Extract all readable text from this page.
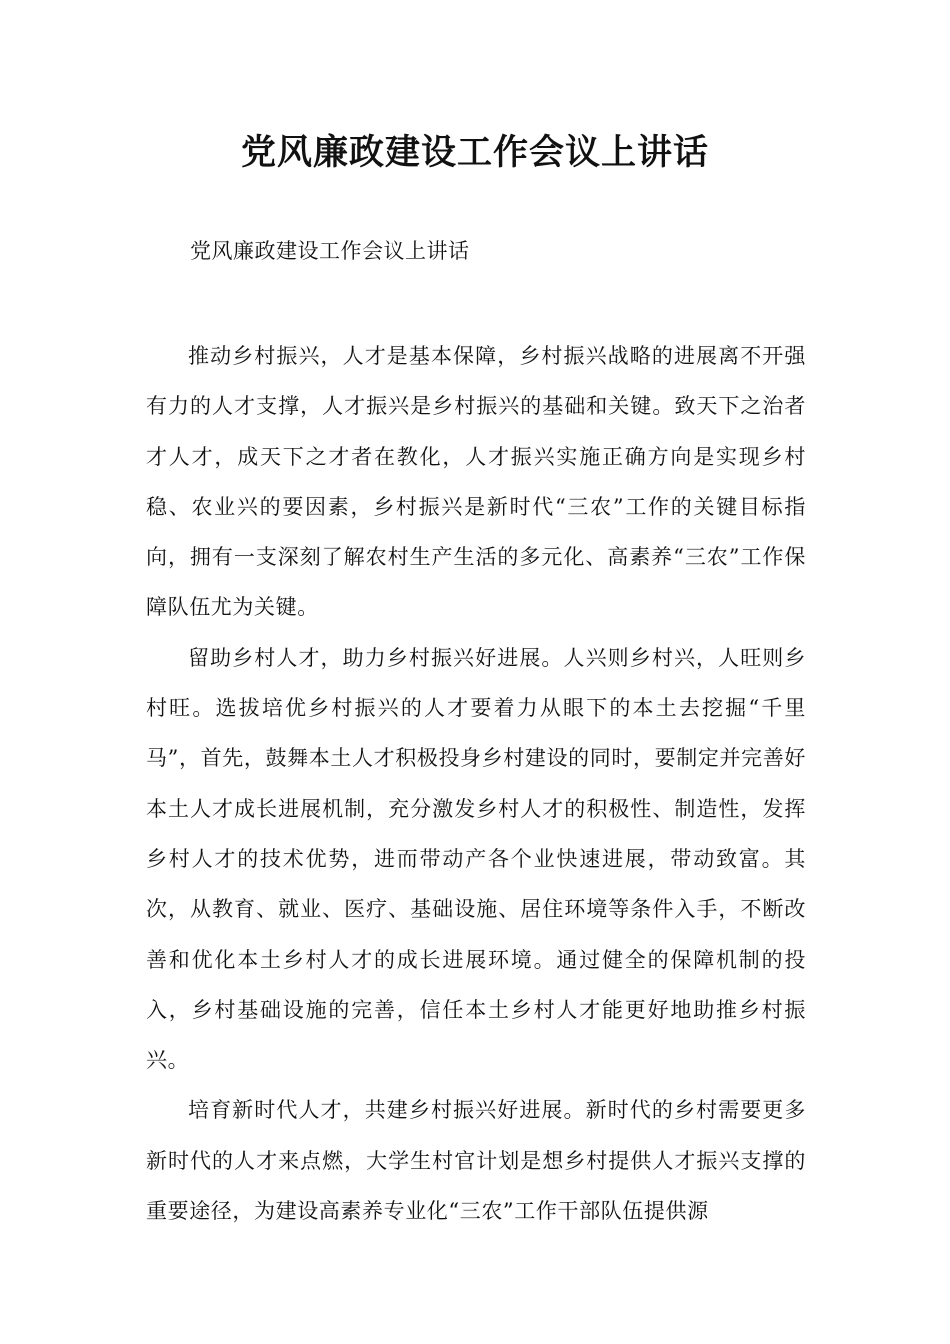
党风廉政建设工作会议上讲话

党风廉政建设工作会议上讲话

推动乡村振兴，人才是基本保障，乡村振兴战略的进展离不开强有力的人才支撑，人才振兴是乡村振兴的基础和关键。致天下之治者才人才，成天下之才者在教化，人才振兴实施正确方向是实现乡村稳、农业兴的要因素，乡村振兴是新时代“三农”工作的关键目标指向，拥有一支深刻了解农村生产生活的多元化、高素养“三农”工作保障队伍尤为关键。

留助乡村人才，助力乡村振兴好进展。人兴则乡村兴，人旺则乡村旺。选拔培优乡村振兴的人才要着力从眼下的本土去挖掘“千里马”，首先，鼓舞本土人才积极投身乡村建设的同时，要制定并完善好本土人才成长进展机制，充分激发乡村人才的积极性、制造性，发挥乡村人才的技术优势，进而带动产各个业快速进展，带动致富。其次，从教育、就业、医疗、基础设施、居住环境等条件入手，不断改善和优化本土乡村人才的成长进展环境。通过健全的保障机制的投入，乡村基础设施的完善，信任本土乡村人才能更好地助推乡村振兴。

培育新时代人才，共建乡村振兴好进展。新时代的乡村需要更多新时代的人才来点燃，大学生村官计划是想乡村提供人才振兴支撑的重要途径，为建设高素养专业化“三农”工作干部队伍提供源
